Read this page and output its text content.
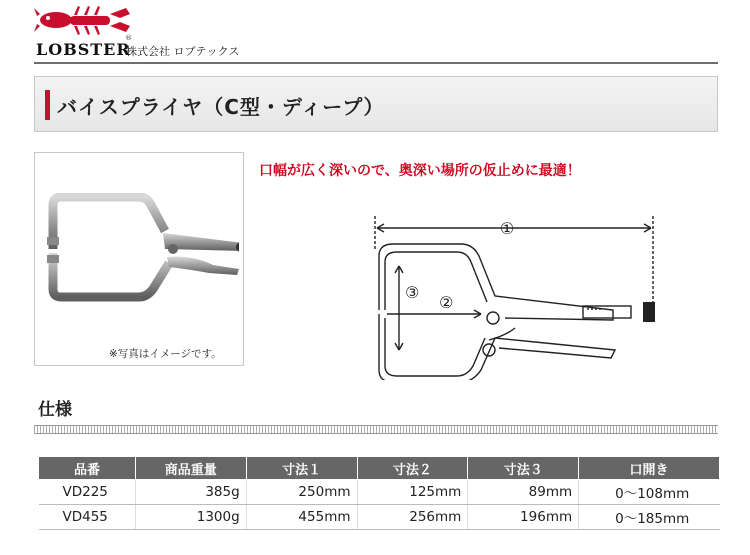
LOBSTER
®
株式会社 ロブテックス
バイスプライヤ（C型・ディープ）
※写真はイメージです。
口幅が広く深いので、奥深い場所の仮止めに最適！
①
③
②
仕様
品番	商品重量	寸法１	寸法２	寸法３	口開き
VD225	385g	250mm	125mm	89mm	0〜108mm
VD455	1300g	455mm	256mm	196mm	0〜185mm
